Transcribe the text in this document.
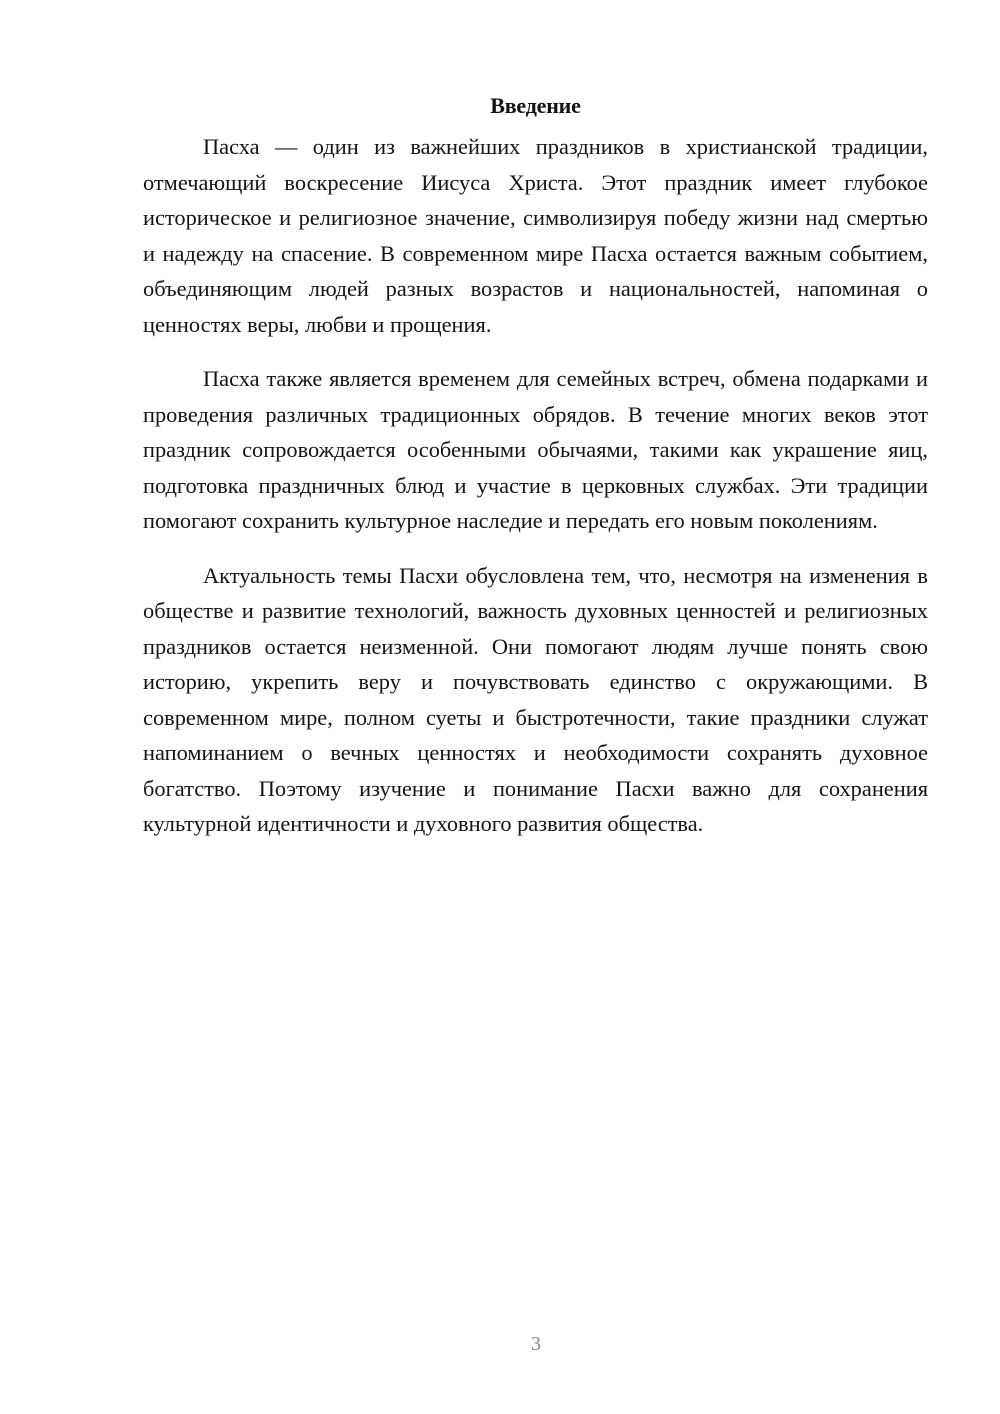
Введение

Пасха — один из важнейших праздников в христианской традиции, отмечающий воскресение Иисуса Христа. Этот праздник имеет глубокое историческое и религиозное значение, символизируя победу жизни над смертью и надежду на спасение. В современном мире Пасха остается важным событием, объединяющим людей разных возрастов и национальностей, напоминая о ценностях веры, любви и прощения.

Пасха также является временем для семейных встреч, обмена подарками и проведения различных традиционных обрядов. В течение многих веков этот праздник сопровождается особенными обычаями, такими как украшение яиц, подготовка праздничных блюд и участие в церковных службах. Эти традиции помогают сохранить культурное наследие и передать его новым поколениям.

Актуальность темы Пасхи обусловлена тем, что, несмотря на изменения в обществе и развитие технологий, важность духовных ценностей и религиозных праздников остается неизменной. Они помогают людям лучше понять свою историю, укрепить веру и почувствовать единство с окружающими. В современном мире, полном суеты и быстротечности, такие праздники служат напоминанием о вечных ценностях и необходимости сохранять духовное богатство. Поэтому изучение и понимание Пасхи важно для сохранения культурной идентичности и духовного развития общества.

3
